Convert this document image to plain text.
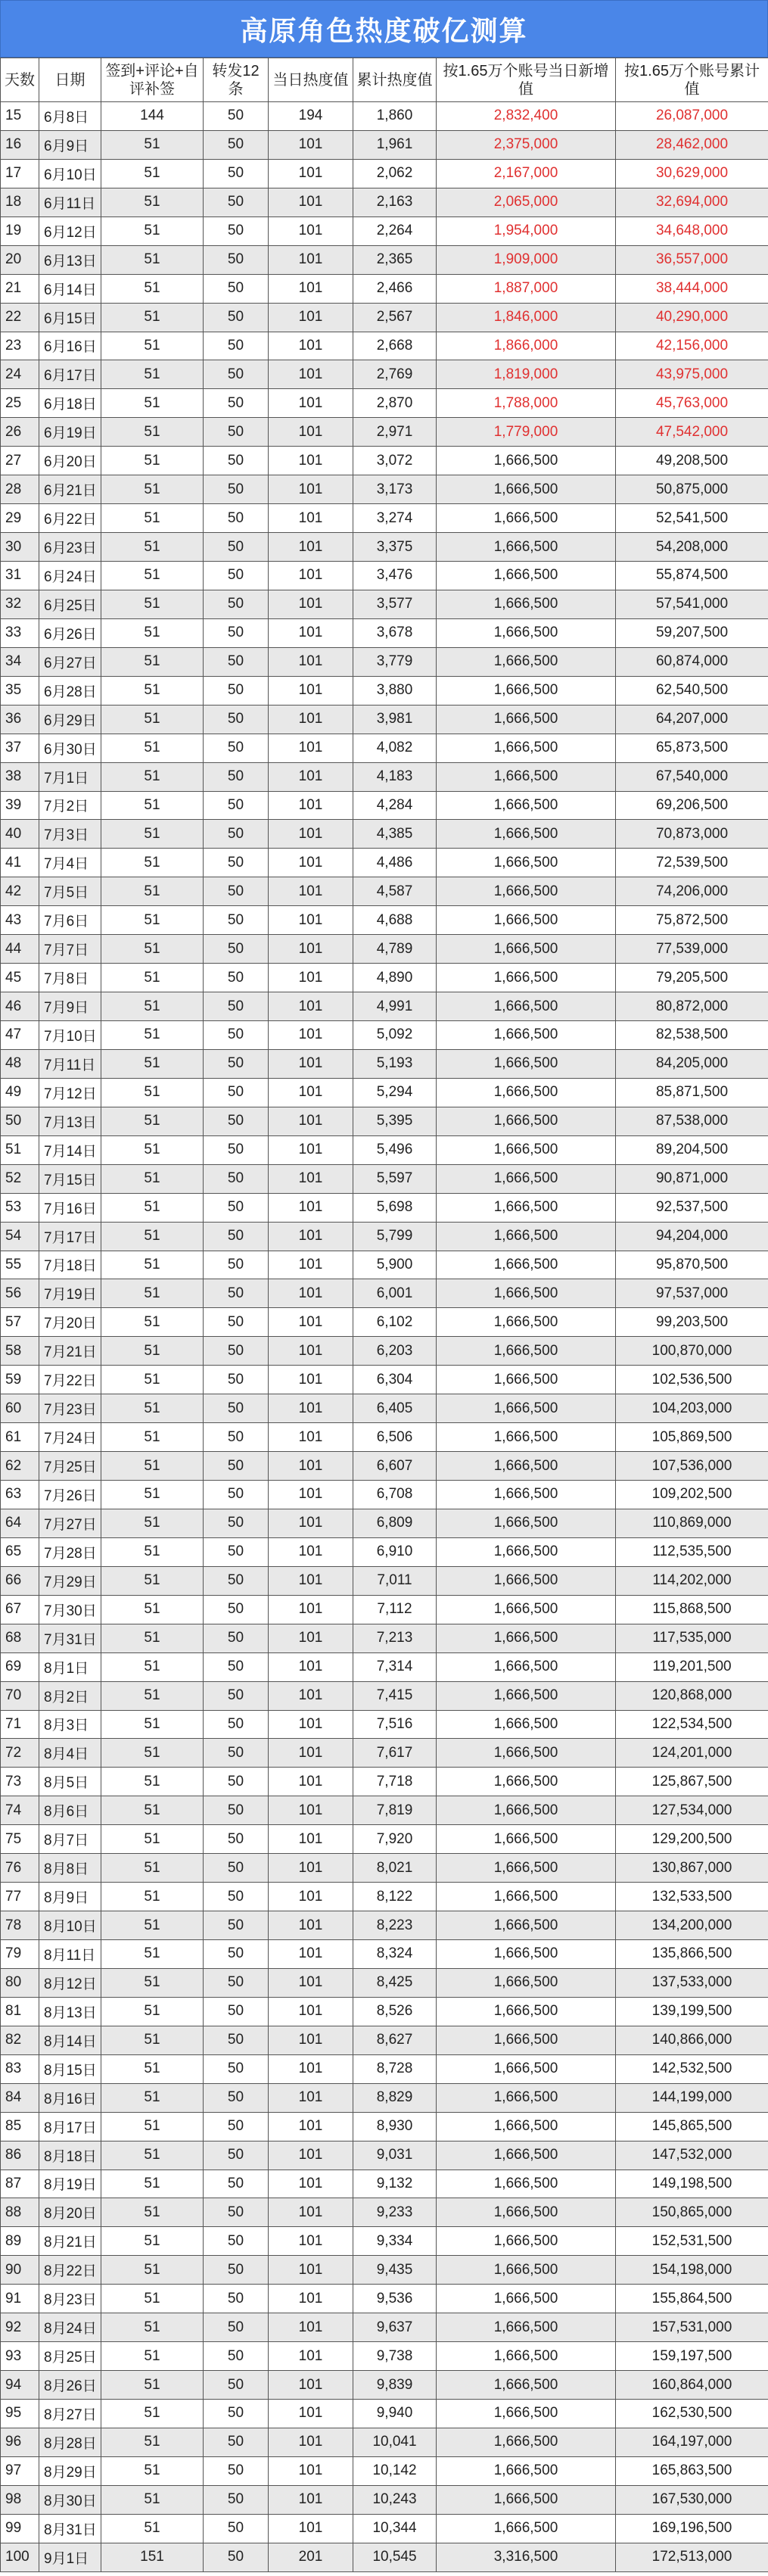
高原角色热度破亿测算
天数	日期	签到+评论+自评补签	转发12条	当日热度值	累计热度值	按1.65万个账号当日新增值	按1.65万个账号累计值
15	6月8日	144	50	194	1,860	2,832,400	26,087,000
16	6月9日	51	50	101	1,961	2,375,000	28,462,000
17	6月10日	51	50	101	2,062	2,167,000	30,629,000
18	6月11日	51	50	101	2,163	2,065,000	32,694,000
19	6月12日	51	50	101	2,264	1,954,000	34,648,000
20	6月13日	51	50	101	2,365	1,909,000	36,557,000
21	6月14日	51	50	101	2,466	1,887,000	38,444,000
22	6月15日	51	50	101	2,567	1,846,000	40,290,000
23	6月16日	51	50	101	2,668	1,866,000	42,156,000
24	6月17日	51	50	101	2,769	1,819,000	43,975,000
25	6月18日	51	50	101	2,870	1,788,000	45,763,000
26	6月19日	51	50	101	2,971	1,779,000	47,542,000
27	6月20日	51	50	101	3,072	1,666,500	49,208,500
28	6月21日	51	50	101	3,173	1,666,500	50,875,000
29	6月22日	51	50	101	3,274	1,666,500	52,541,500
30	6月23日	51	50	101	3,375	1,666,500	54,208,000
31	6月24日	51	50	101	3,476	1,666,500	55,874,500
32	6月25日	51	50	101	3,577	1,666,500	57,541,000
33	6月26日	51	50	101	3,678	1,666,500	59,207,500
34	6月27日	51	50	101	3,779	1,666,500	60,874,000
35	6月28日	51	50	101	3,880	1,666,500	62,540,500
36	6月29日	51	50	101	3,981	1,666,500	64,207,000
37	6月30日	51	50	101	4,082	1,666,500	65,873,500
38	7月1日	51	50	101	4,183	1,666,500	67,540,000
39	7月2日	51	50	101	4,284	1,666,500	69,206,500
40	7月3日	51	50	101	4,385	1,666,500	70,873,000
41	7月4日	51	50	101	4,486	1,666,500	72,539,500
42	7月5日	51	50	101	4,587	1,666,500	74,206,000
43	7月6日	51	50	101	4,688	1,666,500	75,872,500
44	7月7日	51	50	101	4,789	1,666,500	77,539,000
45	7月8日	51	50	101	4,890	1,666,500	79,205,500
46	7月9日	51	50	101	4,991	1,666,500	80,872,000
47	7月10日	51	50	101	5,092	1,666,500	82,538,500
48	7月11日	51	50	101	5,193	1,666,500	84,205,000
49	7月12日	51	50	101	5,294	1,666,500	85,871,500
50	7月13日	51	50	101	5,395	1,666,500	87,538,000
51	7月14日	51	50	101	5,496	1,666,500	89,204,500
52	7月15日	51	50	101	5,597	1,666,500	90,871,000
53	7月16日	51	50	101	5,698	1,666,500	92,537,500
54	7月17日	51	50	101	5,799	1,666,500	94,204,000
55	7月18日	51	50	101	5,900	1,666,500	95,870,500
56	7月19日	51	50	101	6,001	1,666,500	97,537,000
57	7月20日	51	50	101	6,102	1,666,500	99,203,500
58	7月21日	51	50	101	6,203	1,666,500	100,870,000
59	7月22日	51	50	101	6,304	1,666,500	102,536,500
60	7月23日	51	50	101	6,405	1,666,500	104,203,000
61	7月24日	51	50	101	6,506	1,666,500	105,869,500
62	7月25日	51	50	101	6,607	1,666,500	107,536,000
63	7月26日	51	50	101	6,708	1,666,500	109,202,500
64	7月27日	51	50	101	6,809	1,666,500	110,869,000
65	7月28日	51	50	101	6,910	1,666,500	112,535,500
66	7月29日	51	50	101	7,011	1,666,500	114,202,000
67	7月30日	51	50	101	7,112	1,666,500	115,868,500
68	7月31日	51	50	101	7,213	1,666,500	117,535,000
69	8月1日	51	50	101	7,314	1,666,500	119,201,500
70	8月2日	51	50	101	7,415	1,666,500	120,868,000
71	8月3日	51	50	101	7,516	1,666,500	122,534,500
72	8月4日	51	50	101	7,617	1,666,500	124,201,000
73	8月5日	51	50	101	7,718	1,666,500	125,867,500
74	8月6日	51	50	101	7,819	1,666,500	127,534,000
75	8月7日	51	50	101	7,920	1,666,500	129,200,500
76	8月8日	51	50	101	8,021	1,666,500	130,867,000
77	8月9日	51	50	101	8,122	1,666,500	132,533,500
78	8月10日	51	50	101	8,223	1,666,500	134,200,000
79	8月11日	51	50	101	8,324	1,666,500	135,866,500
80	8月12日	51	50	101	8,425	1,666,500	137,533,000
81	8月13日	51	50	101	8,526	1,666,500	139,199,500
82	8月14日	51	50	101	8,627	1,666,500	140,866,000
83	8月15日	51	50	101	8,728	1,666,500	142,532,500
84	8月16日	51	50	101	8,829	1,666,500	144,199,000
85	8月17日	51	50	101	8,930	1,666,500	145,865,500
86	8月18日	51	50	101	9,031	1,666,500	147,532,000
87	8月19日	51	50	101	9,132	1,666,500	149,198,500
88	8月20日	51	50	101	9,233	1,666,500	150,865,000
89	8月21日	51	50	101	9,334	1,666,500	152,531,500
90	8月22日	51	50	101	9,435	1,666,500	154,198,000
91	8月23日	51	50	101	9,536	1,666,500	155,864,500
92	8月24日	51	50	101	9,637	1,666,500	157,531,000
93	8月25日	51	50	101	9,738	1,666,500	159,197,500
94	8月26日	51	50	101	9,839	1,666,500	160,864,000
95	8月27日	51	50	101	9,940	1,666,500	162,530,500
96	8月28日	51	50	101	10,041	1,666,500	164,197,000
97	8月29日	51	50	101	10,142	1,666,500	165,863,500
98	8月30日	51	50	101	10,243	1,666,500	167,530,000
99	8月31日	51	50	101	10,344	1,666,500	169,196,500
100	9月1日	151	50	201	10,545	3,316,500	172,513,000
